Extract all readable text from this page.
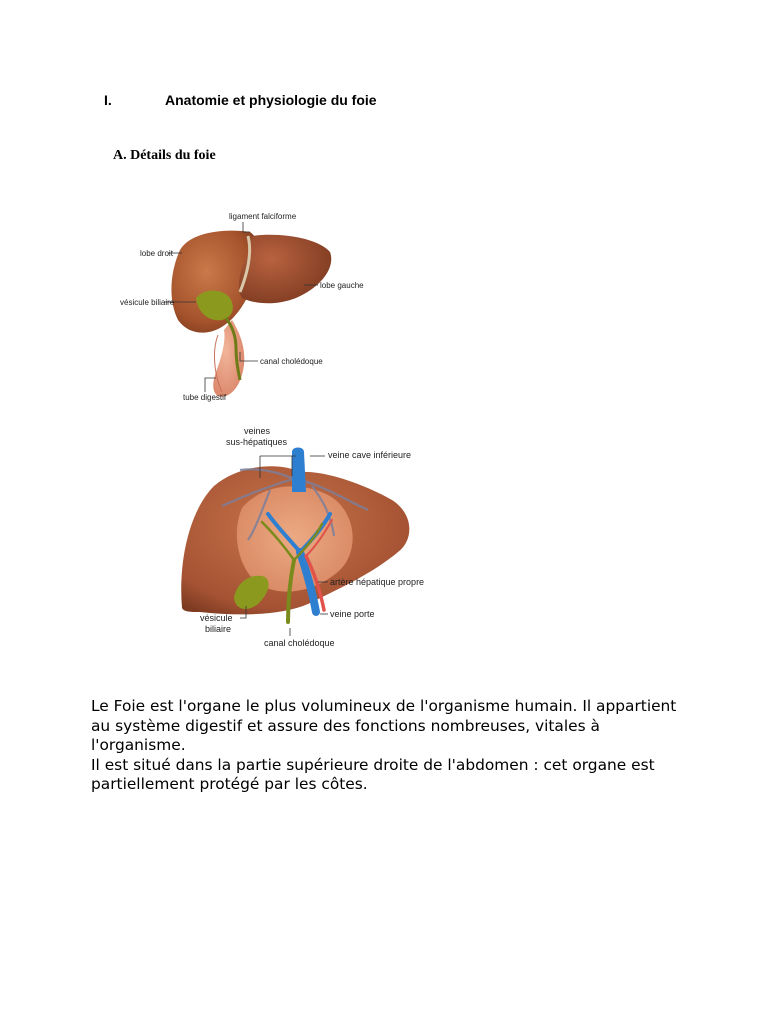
I.	Anatomie et physiologie du foie
A. Détails du foie
ligament falciforme
lobe droit
lobe gauche
vésicule biliaire
canal cholédoque
tube digestif
veines
sus-hépatiques
veine cave inférieure
artère hépatique propre
veine porte
vésicule
biliaire
canal cholédoque
Le Foie est l'organe le plus volumineux de l'organisme humain. Il appartient
au système digestif et assure des fonctions nombreuses, vitales à
l'organisme.
Il est situé dans la partie supérieure droite de l'abdomen : cet organe est
partiellement protégé par les côtes.
